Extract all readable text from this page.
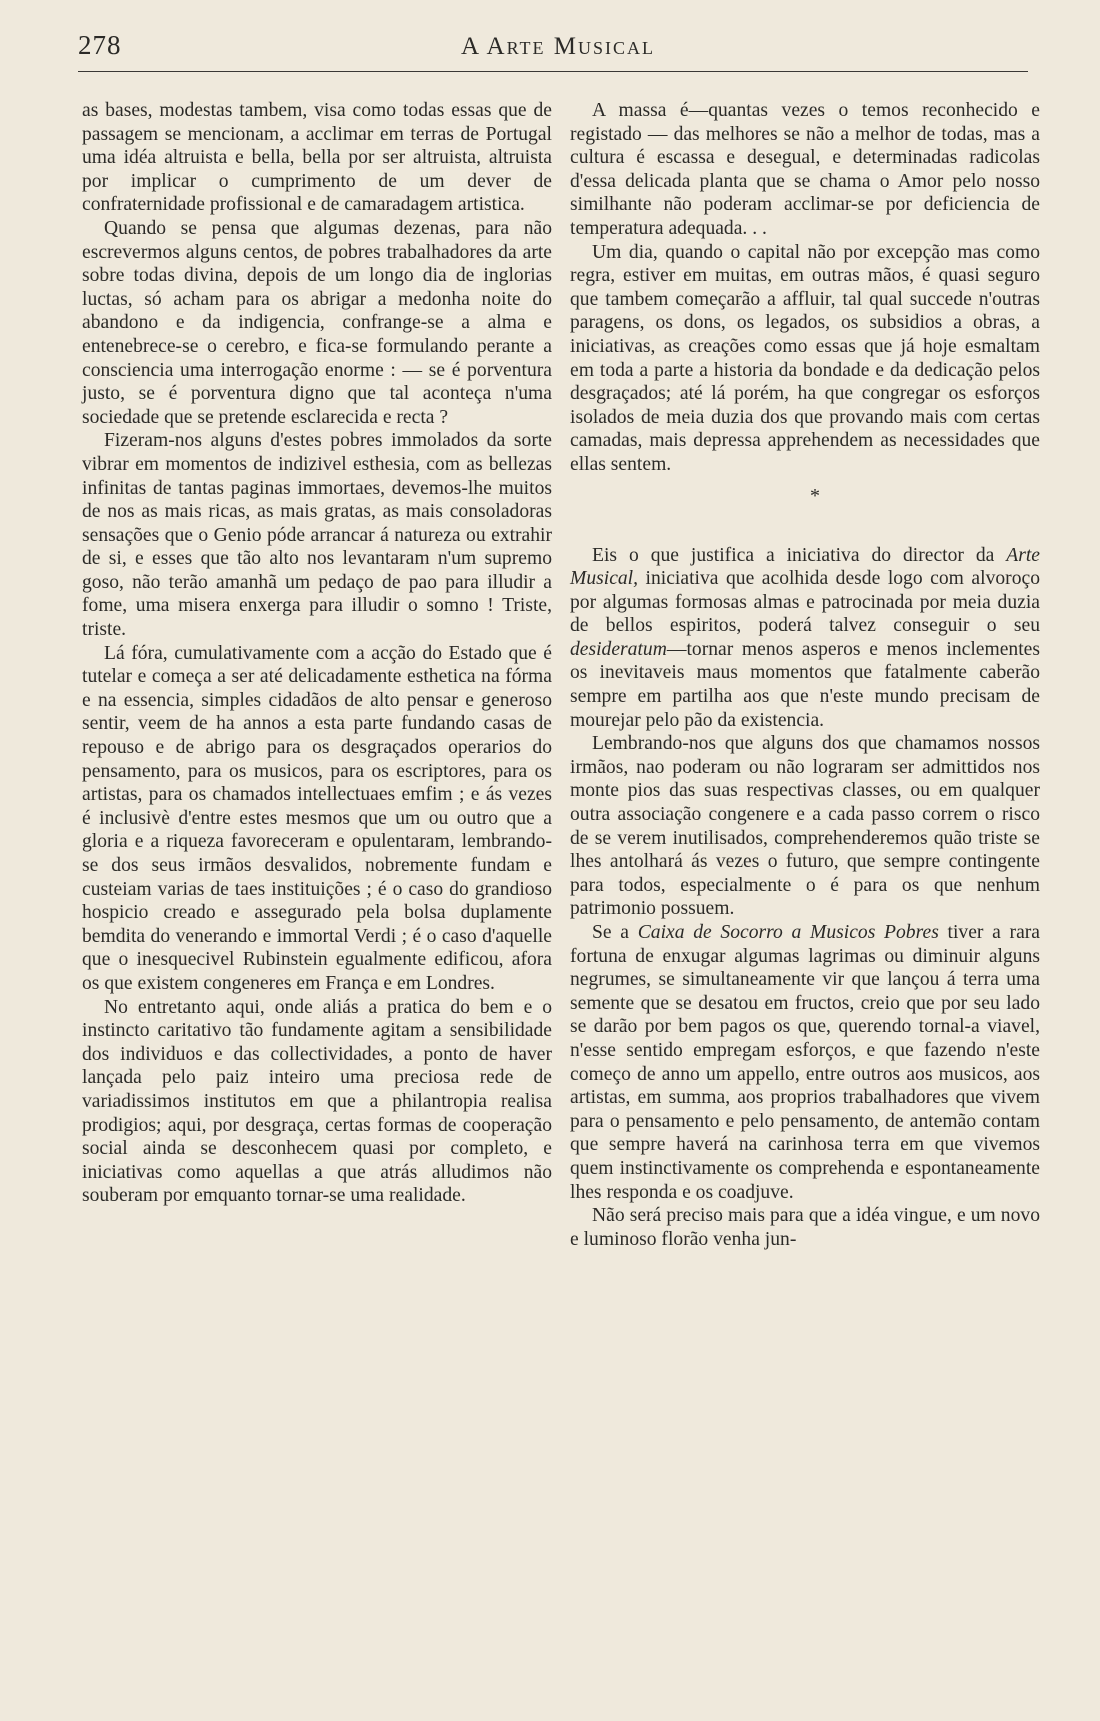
278	A Arte Musical

as bases, modestas tambem, visa como todas essas que de passagem se mencionam, a acclimar em terras de Portugal uma idéa altruista e bella, bella por ser altruista, altruista por implicar o cumprimento de um dever de confraternidade profissional e de camaradagem artistica.

Quando se pensa que algumas dezenas, para não escrevermos alguns centos, de pobres trabalhadores da arte sobre todas divina, depois de um longo dia de inglorias luctas, só acham para os abrigar a medonha noite do abandono e da indigencia, confrange-se a alma e entenebrece-se o cerebro, e fica-se formulando perante a consciencia uma interrogação enorme : — se é porventura justo, se é porventura digno que tal aconteça n'uma sociedade que se pretende esclarecida e recta ?

Fizeram-nos alguns d'estes pobres immolados da sorte vibrar em momentos de indizivel esthesia, com as bellezas infinitas de tantas paginas immortaes, devemos-lhe muitos de nos as mais ricas, as mais gratas, as mais consoladoras sensações que o Genio póde arrancar á natureza ou extrahir de si, e esses que tão alto nos levantaram n'um supremo goso, não terão amanhã um pedaço de pao para illudir a fome, uma misera enxerga para illudir o somno ! Triste, triste.

Lá fóra, cumulativamente com a acção do Estado que é tutelar e começa a ser até delicadamente esthetica na fórma e na essencia, simples cidadãos de alto pensar e generoso sentir, veem de ha annos a esta parte fundando casas de repouso e de abrigo para os desgraçados operarios do pensamento, para os musicos, para os escriptores, para os artistas, para os chamados intellectuaes emfim ; e ás vezes é inclusivè d'entre estes mesmos que um ou outro que a gloria e a riqueza favoreceram e opulentaram, lembrando-se dos seus irmãos desvalidos, nobremente fundam e custeiam varias de taes instituições ; é o caso do grandioso hospicio creado e assegurado pela bolsa duplamente bemdita do venerando e immortal Verdi ; é o caso d'aquelle que o inesquecivel Rubinstein egualmente edificou, afora os que existem congeneres em França e em Londres.

No entretanto aqui, onde aliás a pratica do bem e o instincto caritativo tão fundamente agitam a sensibilidade dos individuos e das collectividades, a ponto de haver lançada pelo paiz inteiro uma preciosa rede de variadissimos institutos em que a philantropia realisa prodigios; aqui, por desgraça, certas formas de cooperação social ainda se desconhecem quasi por completo, e iniciativas como aquellas a que atrás alludimos não souberam por emquanto tornar-se uma realidade.

A massa é—quantas vezes o temos reconhecido e registado — das melhores se não a melhor de todas, mas a cultura é escassa e desegual, e determinadas radicolas d'essa delicada planta que se chama o Amor pelo nosso similhante não poderam acclimar-se por deficiencia de temperatura adequada. . .

Um dia, quando o capital não por excepção mas como regra, estiver em muitas, em outras mãos, é quasi seguro que tambem começarão a affluir, tal qual succede n'outras paragens, os dons, os legados, os subsidios a obras, a iniciativas, as creações como essas que já hoje esmaltam em toda a parte a historia da bondade e da dedicação pelos desgraçados; até lá porém, ha que congregar os esforços isolados de meia duzia dos que provando mais com certas camadas, mais depressa apprehendem as necessidades que ellas sentem.

*

Eis o que justifica a iniciativa do director da Arte Musical, iniciativa que acolhida desde logo com alvoroço por algumas formosas almas e patrocinada por meia duzia de bellos espiritos, poderá talvez conseguir o seu desideratum—tornar menos asperos e menos inclementes os inevitaveis maus momentos que fatalmente caberão sempre em partilha aos que n'este mundo precisam de mourejar pelo pão da existencia.

Lembrando-nos que alguns dos que chamamos nossos irmãos, nao poderam ou não lograram ser admittidos nos monte pios das suas respectivas classes, ou em qualquer outra associação congenere e a cada passo correm o risco de se verem inutilisados, comprehenderemos quão triste se lhes antolhará ás vezes o futuro, que sempre contingente para todos, especialmente o é para os que nenhum patrimonio possuem.

Se a Caixa de Socorro a Musicos Pobres tiver a rara fortuna de enxugar algumas lagrimas ou diminuir alguns negrumes, se simultaneamente vir que lançou á terra uma semente que se desatou em fructos, creio que por seu lado se darão por bem pagos os que, querendo tornal-a viavel, n'esse sentido empregam esforços, e que fazendo n'este começo de anno um appello, entre outros aos musicos, aos artistas, em summa, aos proprios trabalhadores que vivem para o pensamento e pelo pensamento, de antemão contam que sempre haverá na carinhosa terra em que vivemos quem instinctivamente os comprehenda e espontaneamente lhes responda e os coadjuve.

Não será preciso mais para que a idéa vingue, e um novo e luminoso florão venha jun-
